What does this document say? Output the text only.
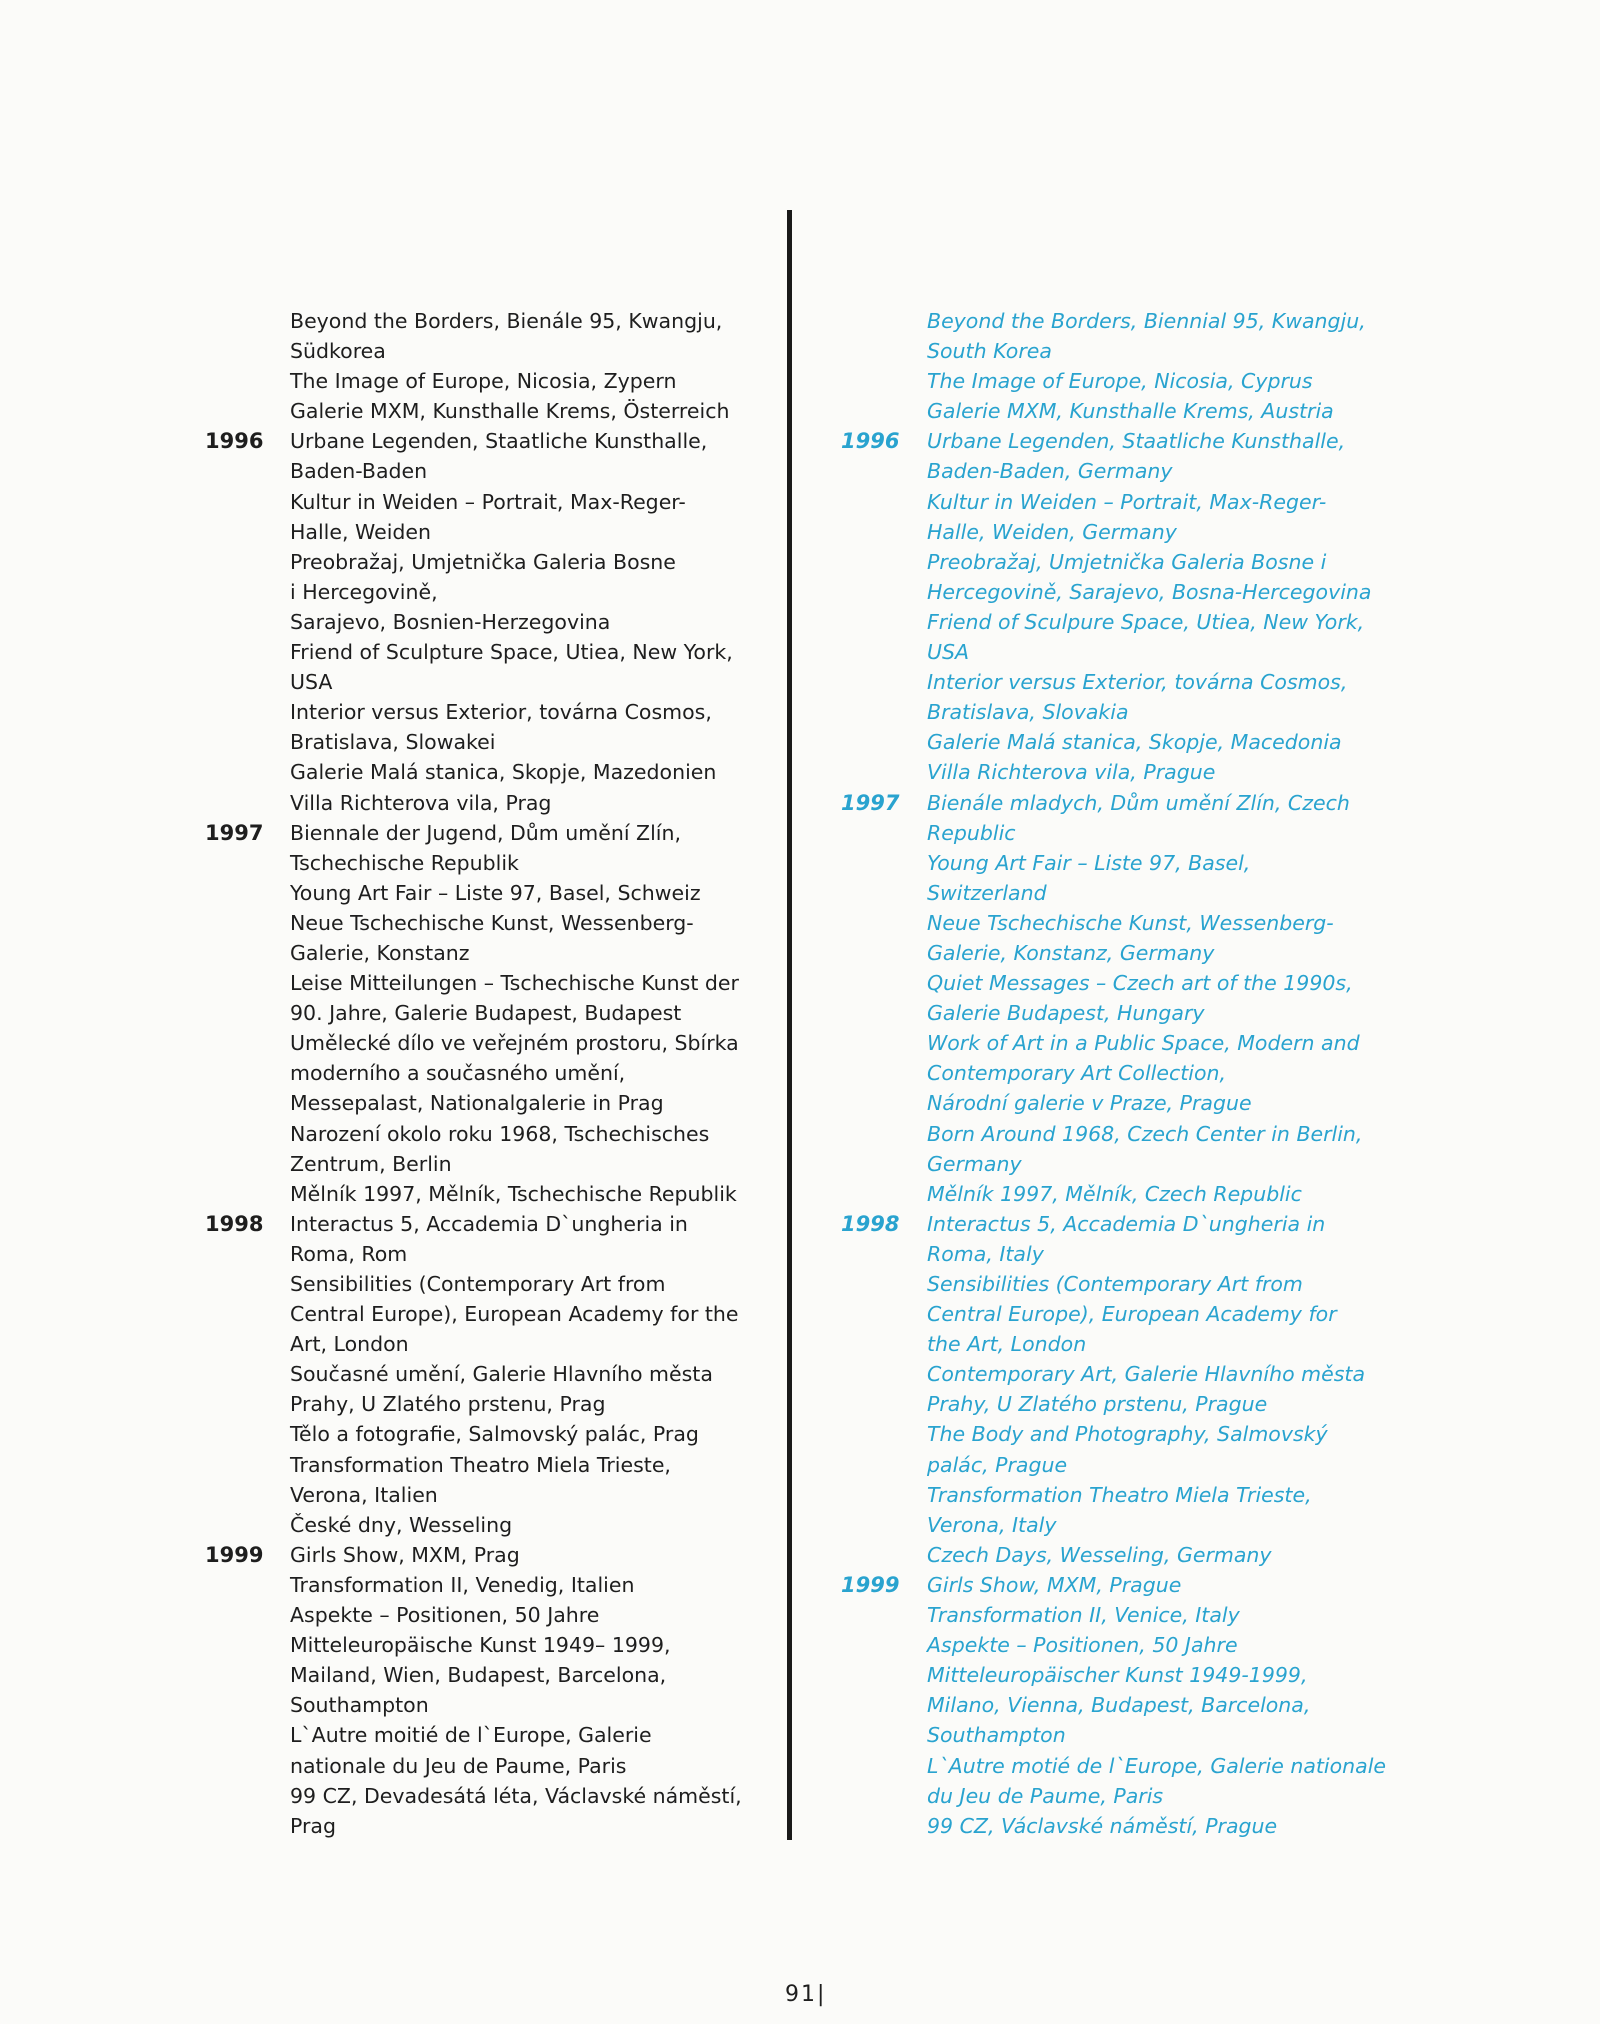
Beyond the Borders, Bienále 95, Kwangju,
Südkorea
The Image of Europe, Nicosia, Zypern
Galerie MXM, Kunsthalle Krems, Österreich
1996 Urbane Legenden, Staatliche Kunsthalle,
Baden-Baden
Kultur in Weiden – Portrait, Max-Reger-
Halle, Weiden
Preobražaj, Umjetnička Galeria Bosne
i Hercegovině,
Sarajevo, Bosnien-Herzegovina
Friend of Sculpture Space, Utiea, New York,
USA
Interior versus Exterior, továrna Cosmos,
Bratislava, Slowakei
Galerie Malá stanica, Skopje, Mazedonien
Villa Richterova vila, Prag
1997 Biennale der Jugend, Dům umění Zlín,
Tschechische Republik
Young Art Fair – Liste 97, Basel, Schweiz
Neue Tschechische Kunst, Wessenberg-
Galerie, Konstanz
Leise Mitteilungen – Tschechische Kunst der
90. Jahre, Galerie Budapest, Budapest
Umělecké dílo ve veřejném prostoru, Sbírka
moderního a současného umění,
Messepalast, Nationalgalerie in Prag
Narození okolo roku 1968, Tschechisches
Zentrum, Berlin
Mělník 1997, Mělník, Tschechische Republik
1998 Interactus 5, Accademia D`ungheria in
Roma, Rom
Sensibilities (Contemporary Art from
Central Europe), European Academy for the
Art, London
Současné umění, Galerie Hlavního města
Prahy, U Zlatého prstenu, Prag
Tělo a fotografie, Salmovský palác, Prag
Transformation Theatro Miela Trieste,
Verona, Italien
České dny, Wesseling
1999 Girls Show, MXM, Prag
Transformation II, Venedig, Italien
Aspekte – Positionen, 50 Jahre
Mitteleuropäische Kunst 1949– 1999,
Mailand, Wien, Budapest, Barcelona,
Southampton
L`Autre moitié de l`Europe, Galerie
nationale du Jeu de Paume, Paris
99 CZ, Devadesátá léta, Václavské náměstí,
Prag
Beyond the Borders, Biennial 95, Kwangju,
South Korea
The Image of Europe, Nicosia, Cyprus
Galerie MXM, Kunsthalle Krems, Austria
1996 Urbane Legenden, Staatliche Kunsthalle,
Baden-Baden, Germany
Kultur in Weiden – Portrait, Max-Reger-
Halle, Weiden, Germany
Preobražaj, Umjetnička Galeria Bosne i
Hercegovině, Sarajevo, Bosna-Hercegovina
Friend of Sculpure Space, Utiea, New York,
USA
Interior versus Exterior, továrna Cosmos,
Bratislava, Slovakia
Galerie Malá stanica, Skopje, Macedonia
Villa Richterova vila, Prague
1997 Bienále mladych, Dům umění Zlín, Czech
Republic
Young Art Fair – Liste 97, Basel,
Switzerland
Neue Tschechische Kunst, Wessenberg-
Galerie, Konstanz, Germany
Quiet Messages – Czech art of the 1990s,
Galerie Budapest, Hungary
Work of Art in a Public Space, Modern and
Contemporary Art Collection,
Národní galerie v Praze, Prague
Born Around 1968, Czech Center in Berlin,
Germany
Mělník 1997, Mělník, Czech Republic
1998 Interactus 5, Accademia D`ungheria in
Roma, Italy
Sensibilities (Contemporary Art from
Central Europe), European Academy for
the Art, London
Contemporary Art, Galerie Hlavního města
Prahy, U Zlatého prstenu, Prague
The Body and Photography, Salmovský
palác, Prague
Transformation Theatro Miela Trieste,
Verona, Italy
Czech Days, Wesseling, Germany
1999 Girls Show, MXM, Prague
Transformation II, Venice, Italy
Aspekte – Positionen, 50 Jahre
Mitteleuropäischer Kunst 1949-1999,
Milano, Vienna, Budapest, Barcelona,
Southampton
L`Autre motié de l`Europe, Galerie nationale
du Jeu de Paume, Paris
99 CZ, Václavské náměstí, Prague
91|
